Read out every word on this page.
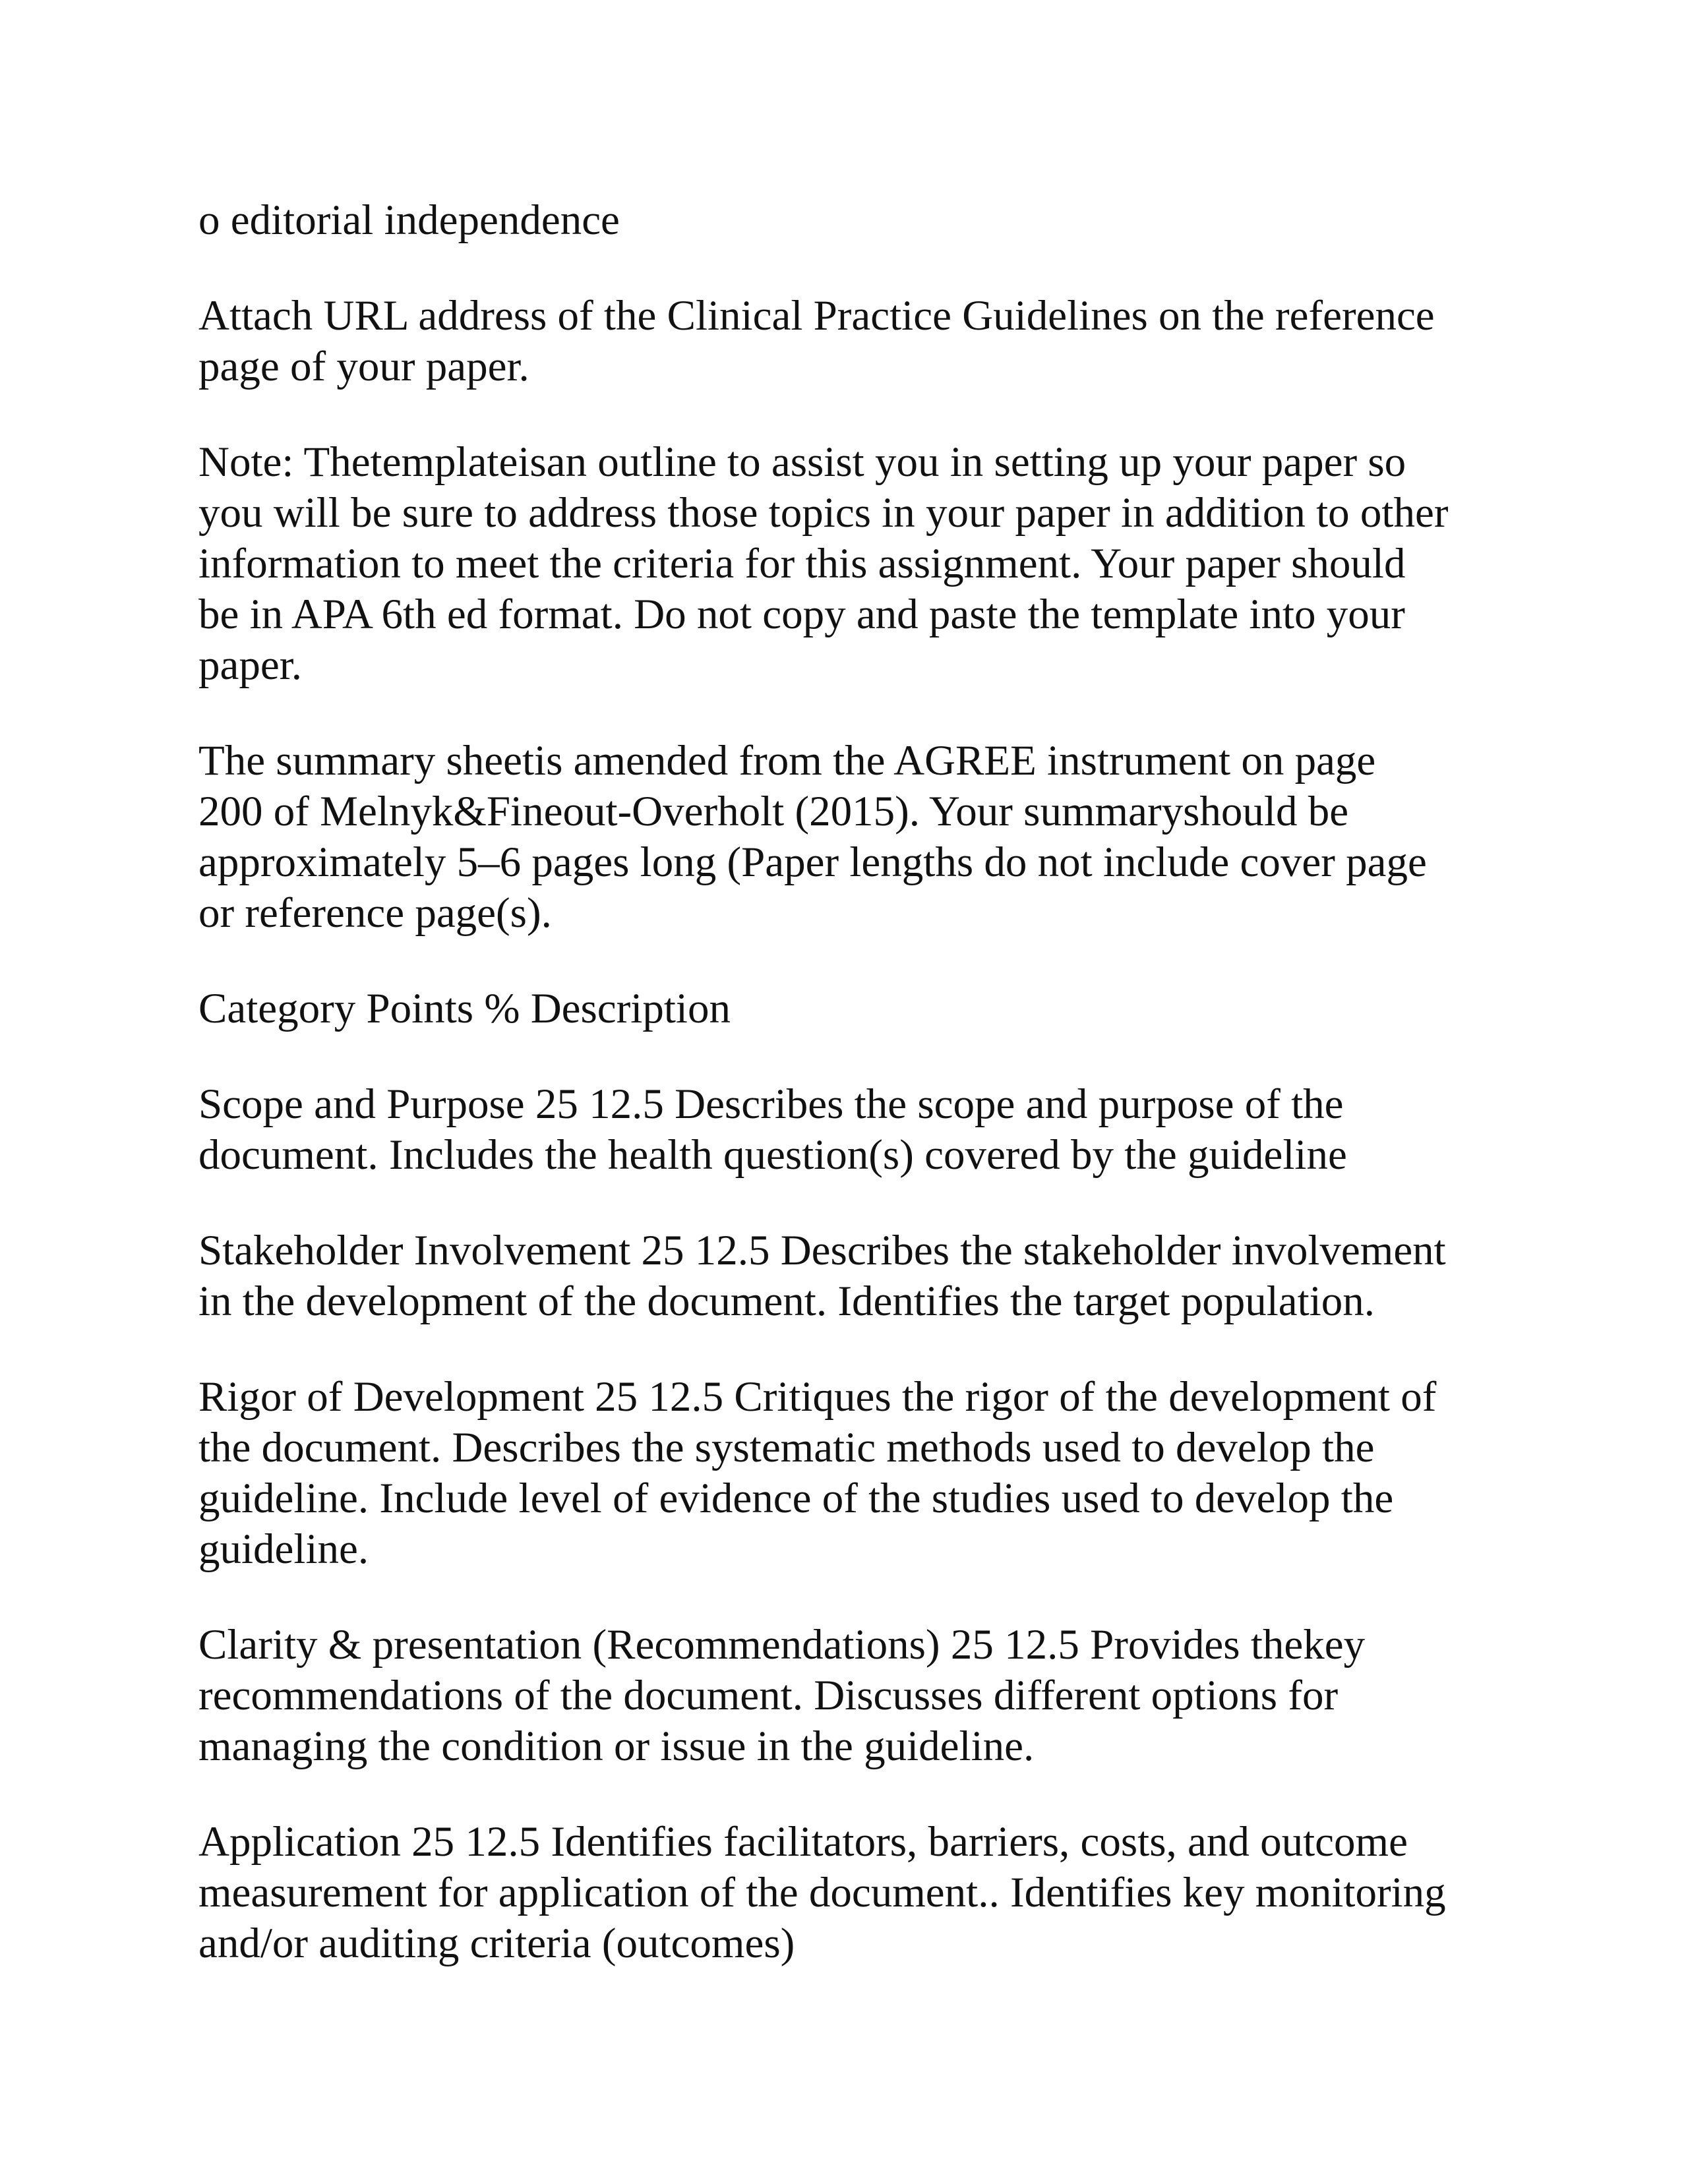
o editorial independence

Attach URL address of the Clinical Practice Guidelines on the reference
page of your paper.

Note: Thetemplateisan outline to assist you in setting up your paper so
you will be sure to address those topics in your paper in addition to other
information to meet the criteria for this assignment. Your paper should
be in APA 6th ed format. Do not copy and paste the template into your
paper.

The summary sheetis amended from the AGREE instrument on page
200 of Melnyk&Fineout-Overholt (2015). Your summaryshould be
approximately 5–6 pages long (Paper lengths do not include cover page
or reference page(s).

Category Points % Description

Scope and Purpose 25 12.5 Describes the scope and purpose of the
document. Includes the health question(s) covered by the guideline

Stakeholder Involvement 25 12.5 Describes the stakeholder involvement
in the development of the document. Identifies the target population.

Rigor of Development 25 12.5 Critiques the rigor of the development of
the document. Describes the systematic methods used to develop the
guideline. Include level of evidence of the studies used to develop the
guideline.

Clarity & presentation (Recommendations) 25 12.5 Provides thekey
recommendations of the document. Discusses different options for
managing the condition or issue in the guideline.

Application 25 12.5 Identifies facilitators, barriers, costs, and outcome
measurement for application of the document.. Identifies key monitoring
and/or auditing criteria (outcomes)
